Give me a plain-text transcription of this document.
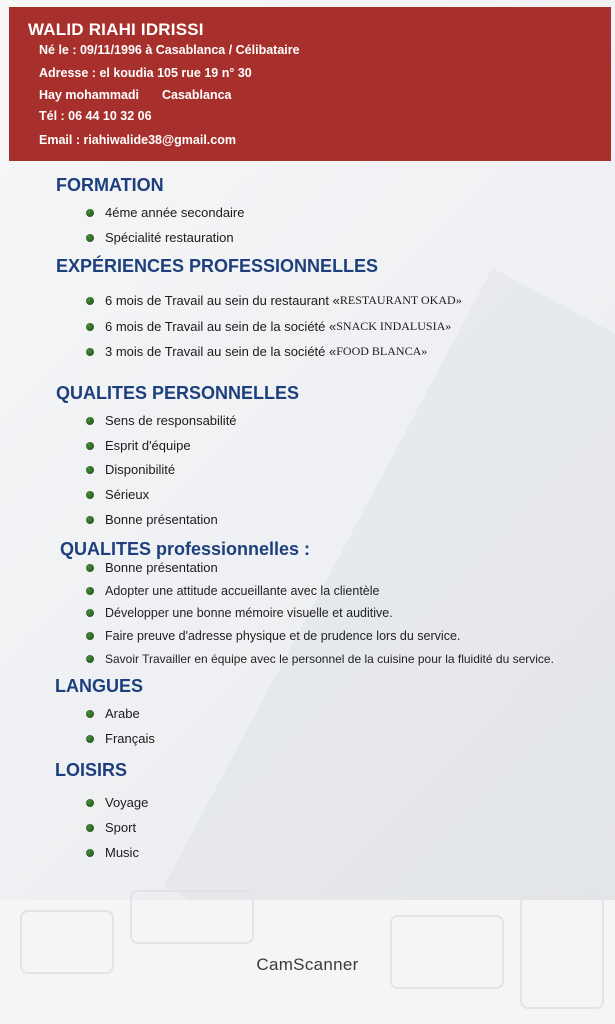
WALID RIAHI IDRISSI
Né le : 09/11/1996 à Casablanca / Célibataire
Adresse : el koudia 105 rue 19 n° 30
Hay mohammadi Casablanca
Tél : 06 44 10 32 06
Email : riahiwalide38@gmail.com
FORMATION
4éme année secondaire
Spécialité restauration
EXPÉRIENCES PROFESSIONNELLES
6 mois de Travail au sein du restaurant « RESTAURANT OKAD »
6 mois de Travail au sein de la société « SNACK INDALUSIA »
3 mois de Travail au sein de la société « FOOD BLANCA »
QUALITES PERSONNELLES
Sens de responsabilité
Esprit d'équipe
Disponibilité
Sérieux
Bonne présentation
QUALITES professionnelles :
Bonne présentation
Adopter une attitude accueillante avec la clientèle
Développer une bonne mémoire visuelle et auditive.
Faire preuve d'adresse physique et de prudence lors du service.
Savoir Travailler en équipe avec le personnel de la cuisine pour la fluidité du service.
LANGUES
Arabe
Français
LOISIRS
Voyage
Sport
Music
CamScanner
